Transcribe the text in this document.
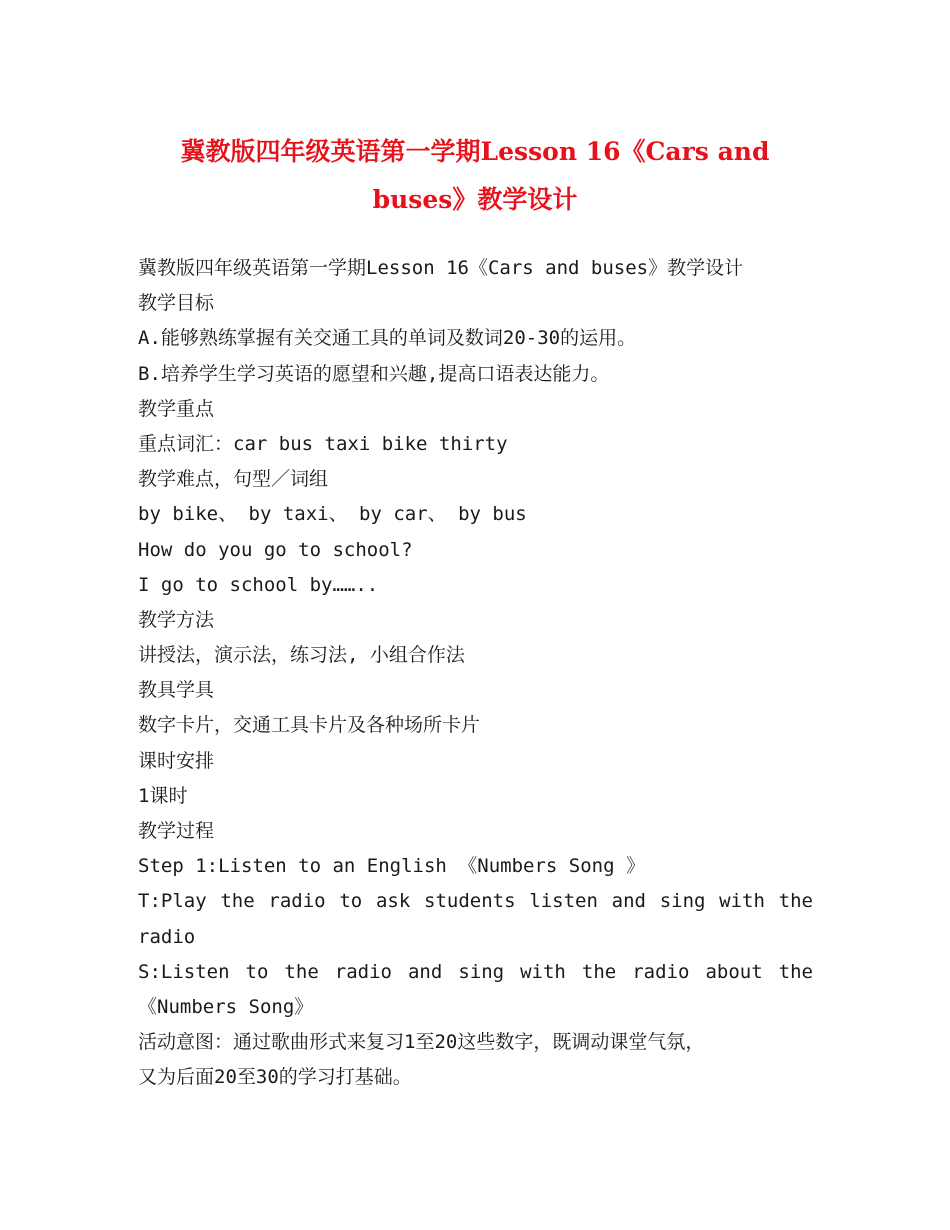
冀教版四年级英语第一学期Lesson 16《Cars and
buses》教学设计
冀教版四年级英语第一学期Lesson 16《Cars and buses》教学设计
教学目标
A.能够熟练掌握有关交通工具的单词及数词20-30的运用。
B.培养学生学习英语的愿望和兴趣,提高口语表达能力。
教学重点
重点词汇：car bus taxi bike thirty
教学难点，句型／词组
by bike、 by taxi、 by car、 by bus
How do you go to school?
I go to school by……..
教学方法
讲授法，演示法，练习法, 小组合作法
教具学具
数字卡片，交通工具卡片及各种场所卡片
课时安排
1课时
教学过程
Step 1:Listen to an English 《Numbers Song 》
T:Play the radio to ask students listen and sing with the
radio
S:Listen to the radio and sing with the radio about the
《Numbers Song》
活动意图：通过歌曲形式来复习1至20这些数字，既调动课堂气氛，
又为后面20至30的学习打基础。
